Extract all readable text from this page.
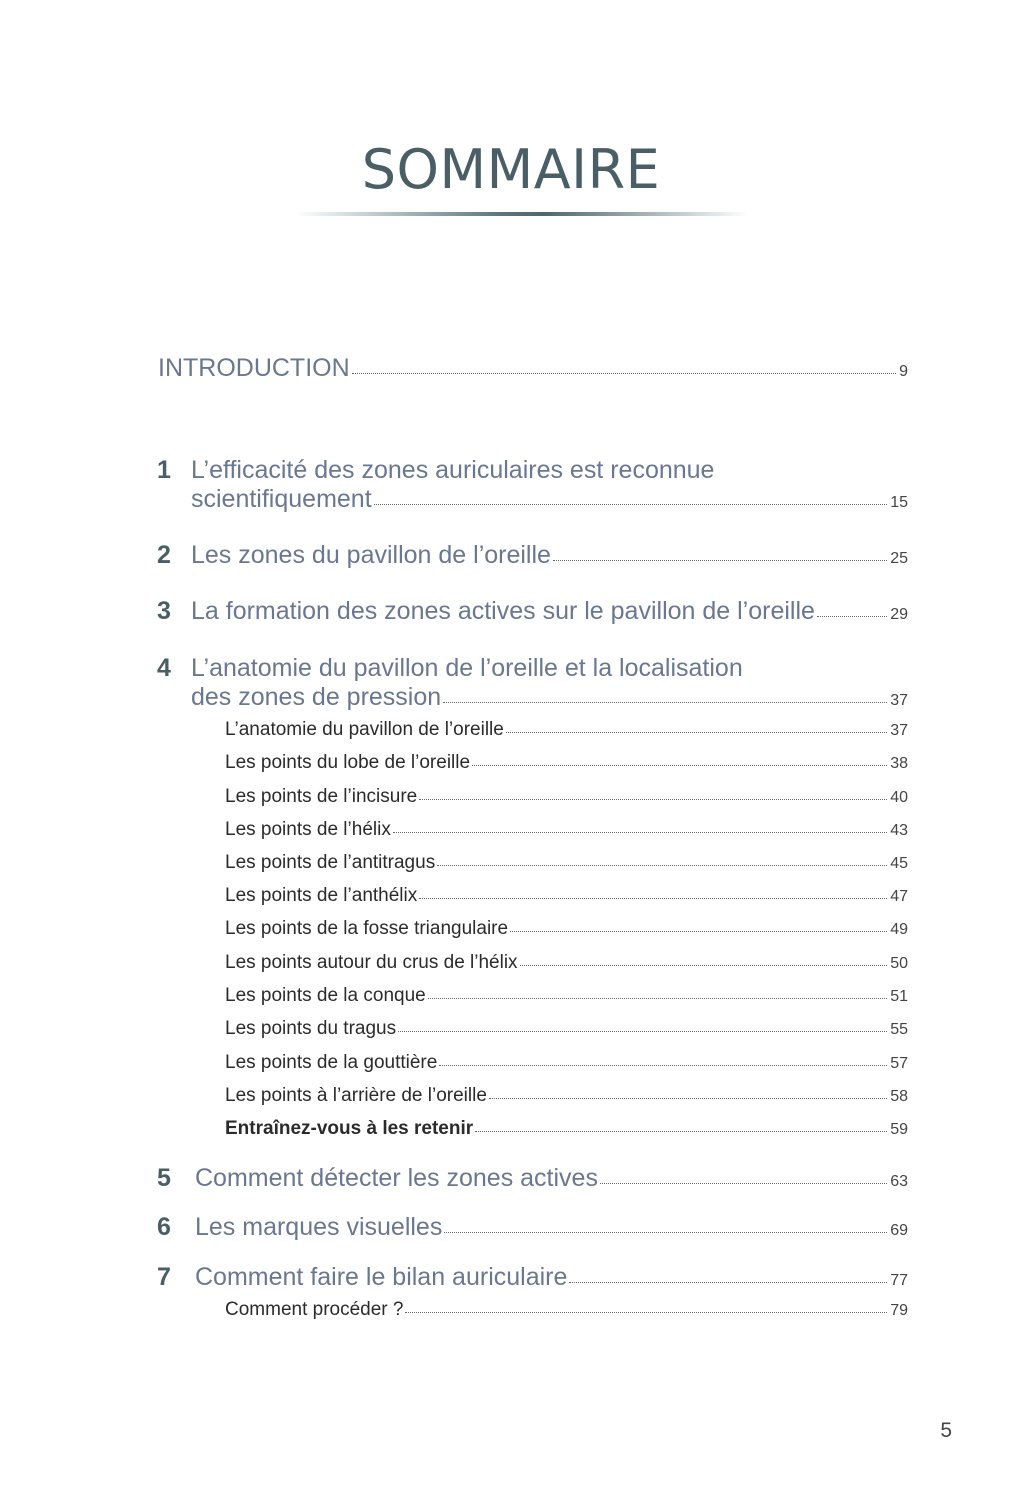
SOMMAIRE
INTRODUCTION	9
1 L’efficacité des zones auriculaires est reconnue
scientifiquement	15
2 Les zones du pavillon de l’oreille	25
3 La formation des zones actives sur le pavillon de l’oreille	29
4 L’anatomie du pavillon de l’oreille et la localisation
des zones de pression	37
L’anatomie du pavillon de l’oreille	37
Les points du lobe de l’oreille	38
Les points de l’incisure	40
Les points de l’hélix	43
Les points de l’antitragus	45
Les points de l’anthélix	47
Les points de la fosse triangulaire	49
Les points autour du crus de l’hélix	50
Les points de la conque	51
Les points du tragus	55
Les points de la gouttière	57
Les points à l’arrière de l’oreille	58
Entraînez-vous à les retenir	59
5 Comment détecter les zones actives	63
6 Les marques visuelles	69
7 Comment faire le bilan auriculaire	77
Comment procéder ?	79
5
